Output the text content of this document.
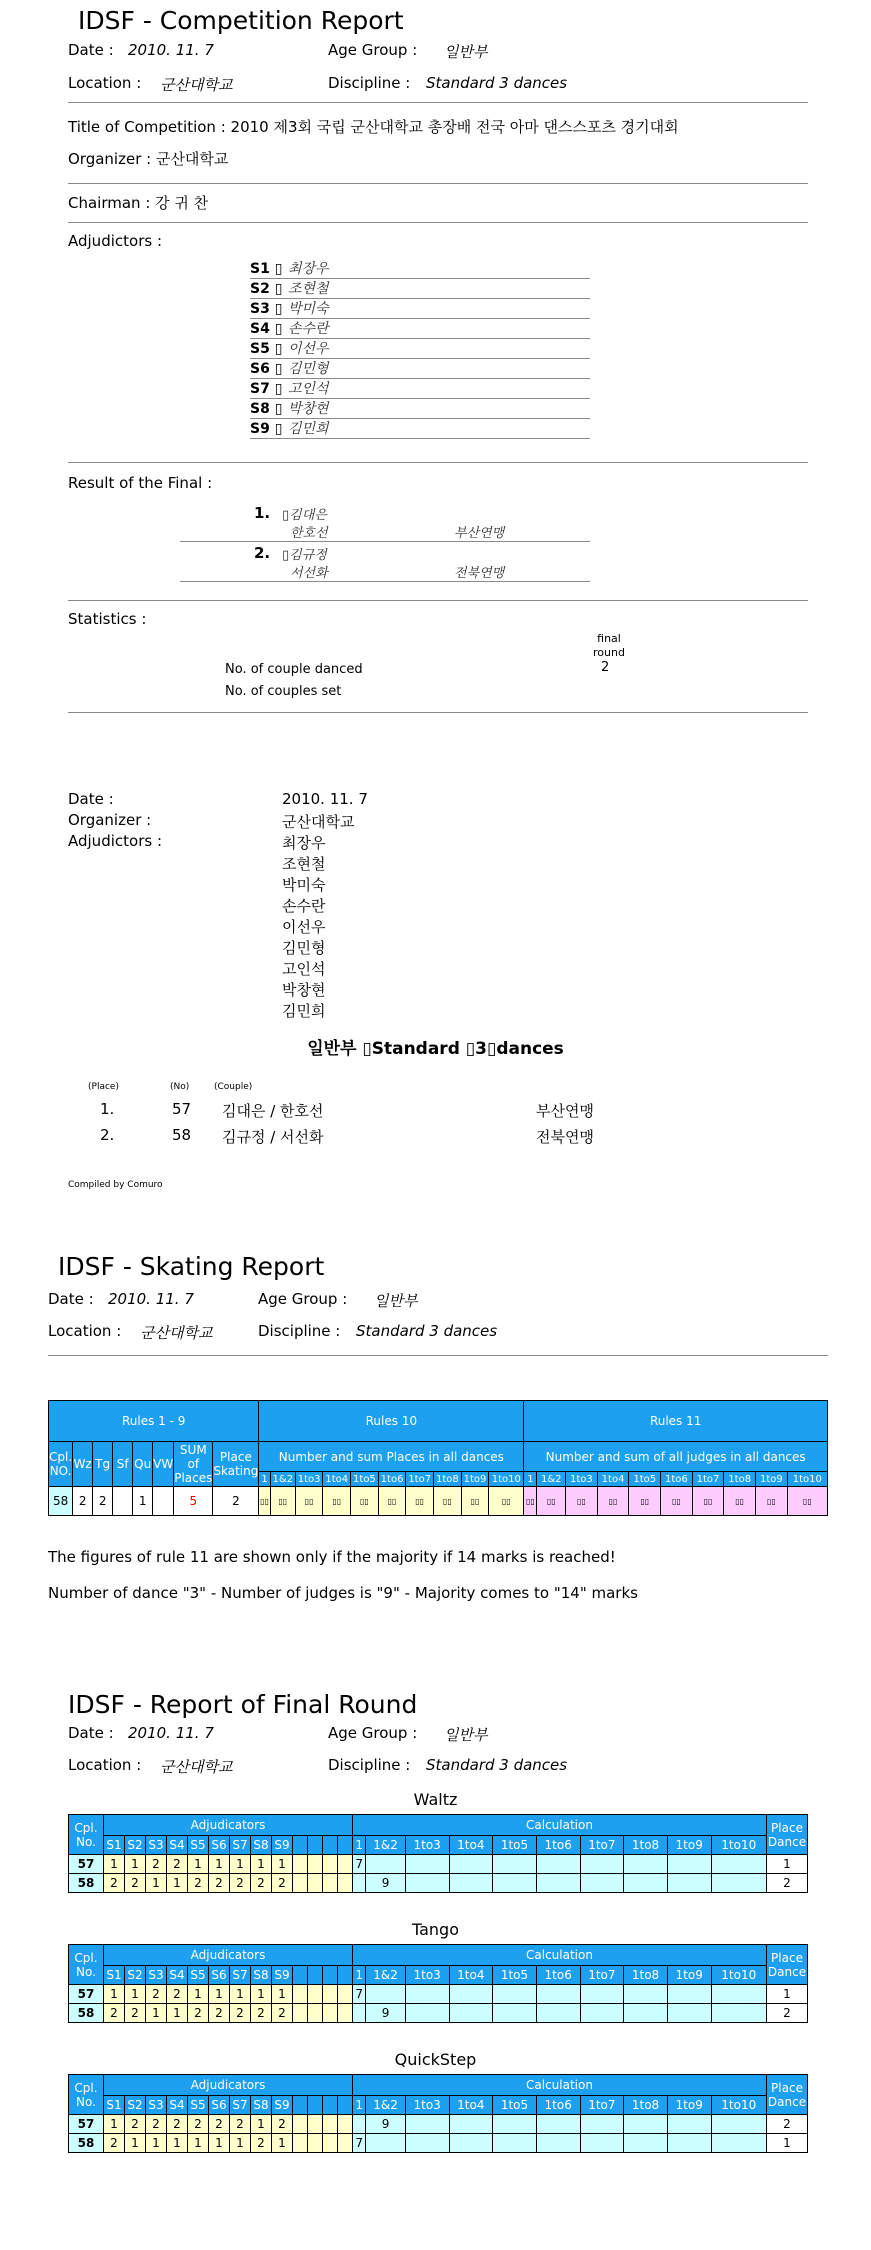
IDSF - Competition Report
Date : 2010. 11. 7	Age Group : 일반부
Location : 군산대학교	Discipline : Standard 3 dances
Title of Competition : 2010 제3회 국립 군산대학교 총장배 전국 아마 댄스스포츠 경기대회
Organizer : 군산대학교
Chairman : 강 귀 찬
Adjudictors :
S1 ▯ 최장우
S2 ▯ 조현철
S3 ▯ 박미숙
S4 ▯ 손수란
S5 ▯ 이선우
S6 ▯ 김민형
S7 ▯ 고인석
S8 ▯ 박창현
S9 ▯ 김민희
Result of the Final :
1. ▯김대은
한호선	부산연맹
2. ▯김규정
서선화	전북연맹
Statistics :
final
round
No. of couple danced	2
No. of couples set
Date :	2010. 11. 7
Organizer :	군산대학교
Adjudictors :	최장우
조현철
박미숙
손수란
이선우
김민형
고인석
박창현
김민희
일반부 ▯Standard ▯3▯dances
(Place)	(No)	(Couple)
1.	57 김대은 / 한호선	부산연맹
2.	58 김규정 / 서선화	전북연맹
Compiled by Comuro
IDSF - Skating Report
Date : 2010. 11. 7	Age Group : 일반부
Location : 군산대학교	Discipline : Standard 3 dances
Rules 1 - 9								Rules 10										Rules 11									
Cpl. NO.	Wz	Tg	Sf	Qu	VW	SUM of Places	Place Skating	Number and sum Places in all dances										Number and sum of all judges in all dances									
								1	1&2	1to3	1to4	1to5	1to6	1to7	1to8	1to9	1to10	1	1&2	1to3	1to4	1to5	1to6	1to7	1to8	1to9	1to10
58	2	2		1		5	2	▯▯	▯▯	▯▯	▯▯	▯▯	▯▯	▯▯	▯▯	▯▯	▯▯	▯▯	▯▯	▯▯	▯▯	▯▯	▯▯	▯▯	▯▯	▯▯	▯▯
The figures of rule 11 are shown only if the majority if 14 marks is reached!
Number of dance "3" - Number of judges is "9" - Majority comes to "14" marks
IDSF - Report of Final Round
Date : 2010. 11. 7	Age Group : 일반부
Location : 군산대학교	Discipline : Standard 3 dances
Waltz
Cpl. No.	Adjudicators													Calculation										Place Dance
	S1	S2	S3	S4	S5	S6	S7	S8	S9					1	1&2	1to3	1to4	1to5	1to6	1to7	1to8	1to9	1to10	
57	1	1	2	2	1	1	1	1	1					7										1
58	2	2	1	1	2	2	2	2	2						9									2
Tango
Cpl. No.	Adjudicators													Calculation										Place Dance
	S1	S2	S3	S4	S5	S6	S7	S8	S9					1	1&2	1to3	1to4	1to5	1to6	1to7	1to8	1to9	1to10	
57	1	1	2	2	1	1	1	1	1					7										1
58	2	2	1	1	2	2	2	2	2						9									2
QuickStep
Cpl. No.	Adjudicators													Calculation										Place Dance
	S1	S2	S3	S4	S5	S6	S7	S8	S9					1	1&2	1to3	1to4	1to5	1to6	1to7	1to8	1to9	1to10	
57	1	2	2	2	2	2	2	1	2						9									2
58	2	1	1	1	1	1	1	2	1					7										1
